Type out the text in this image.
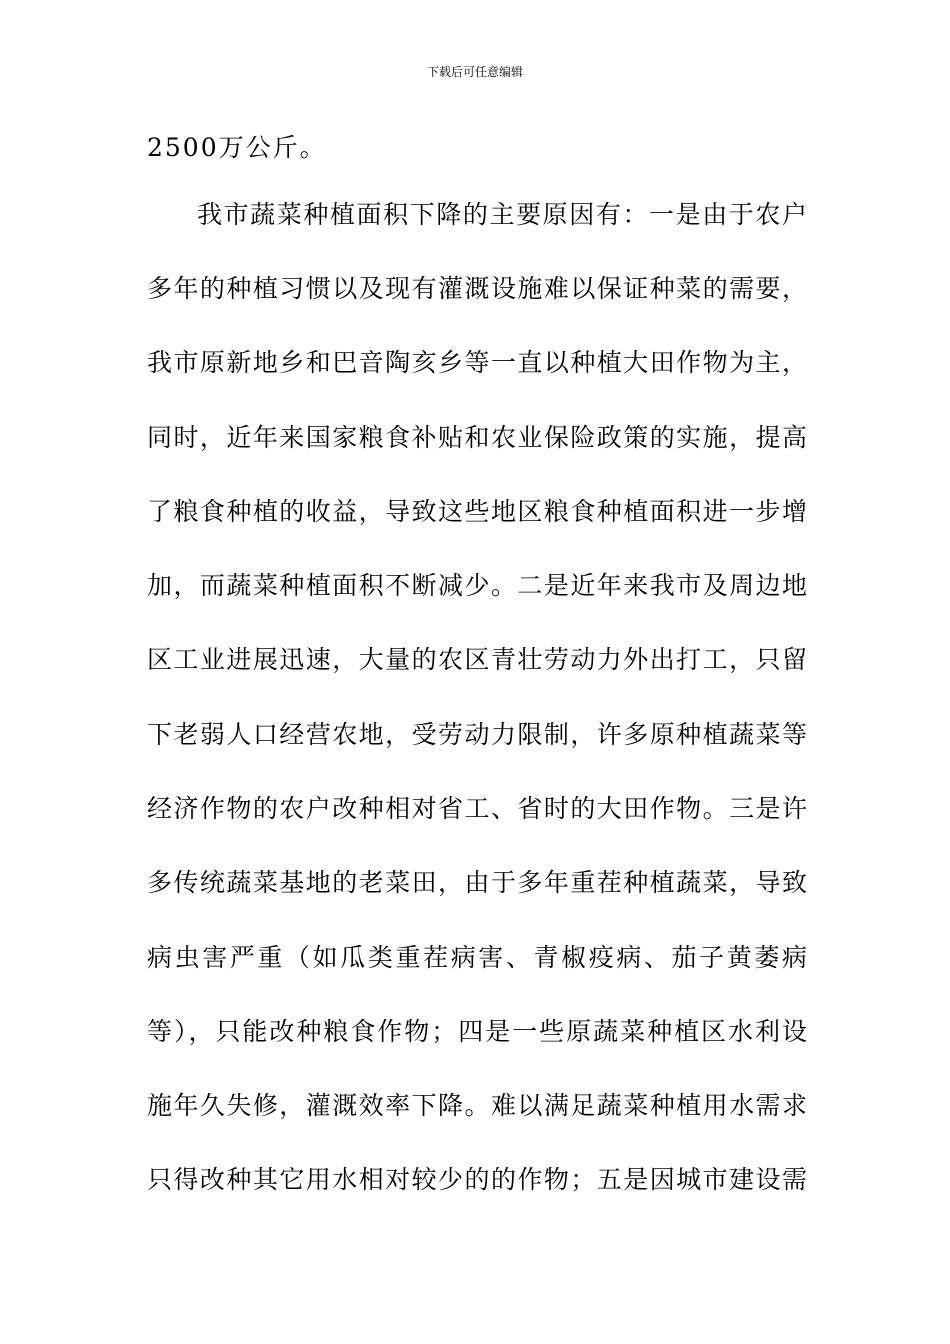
下载后可任意编辑
2500万公斤。
我市蔬菜种植面积下降的主要原因有：一是由于农户
多年的种植习惯以及现有灌溉设施难以保证种菜的需要，
我市原新地乡和巴音陶亥乡等一直以种植大田作物为主，
同时，近年来国家粮食补贴和农业保险政策的实施，提高
了粮食种植的收益，导致这些地区粮食种植面积进一步增
加，而蔬菜种植面积不断减少。二是近年来我市及周边地
区工业进展迅速，大量的农区青壮劳动力外出打工，只留
下老弱人口经营农地，受劳动力限制，许多原种植蔬菜等
经济作物的农户改种相对省工、省时的大田作物。三是许
多传统蔬菜基地的老菜田，由于多年重茬种植蔬菜，导致
病虫害严重（如瓜类重茬病害、青椒疫病、茄子黄萎病
等），只能改种粮食作物；四是一些原蔬菜种植区水利设
施年久失修，灌溉效率下降。难以满足蔬菜种植用水需求
只得改种其它用水相对较少的的作物；五是因城市建设需
